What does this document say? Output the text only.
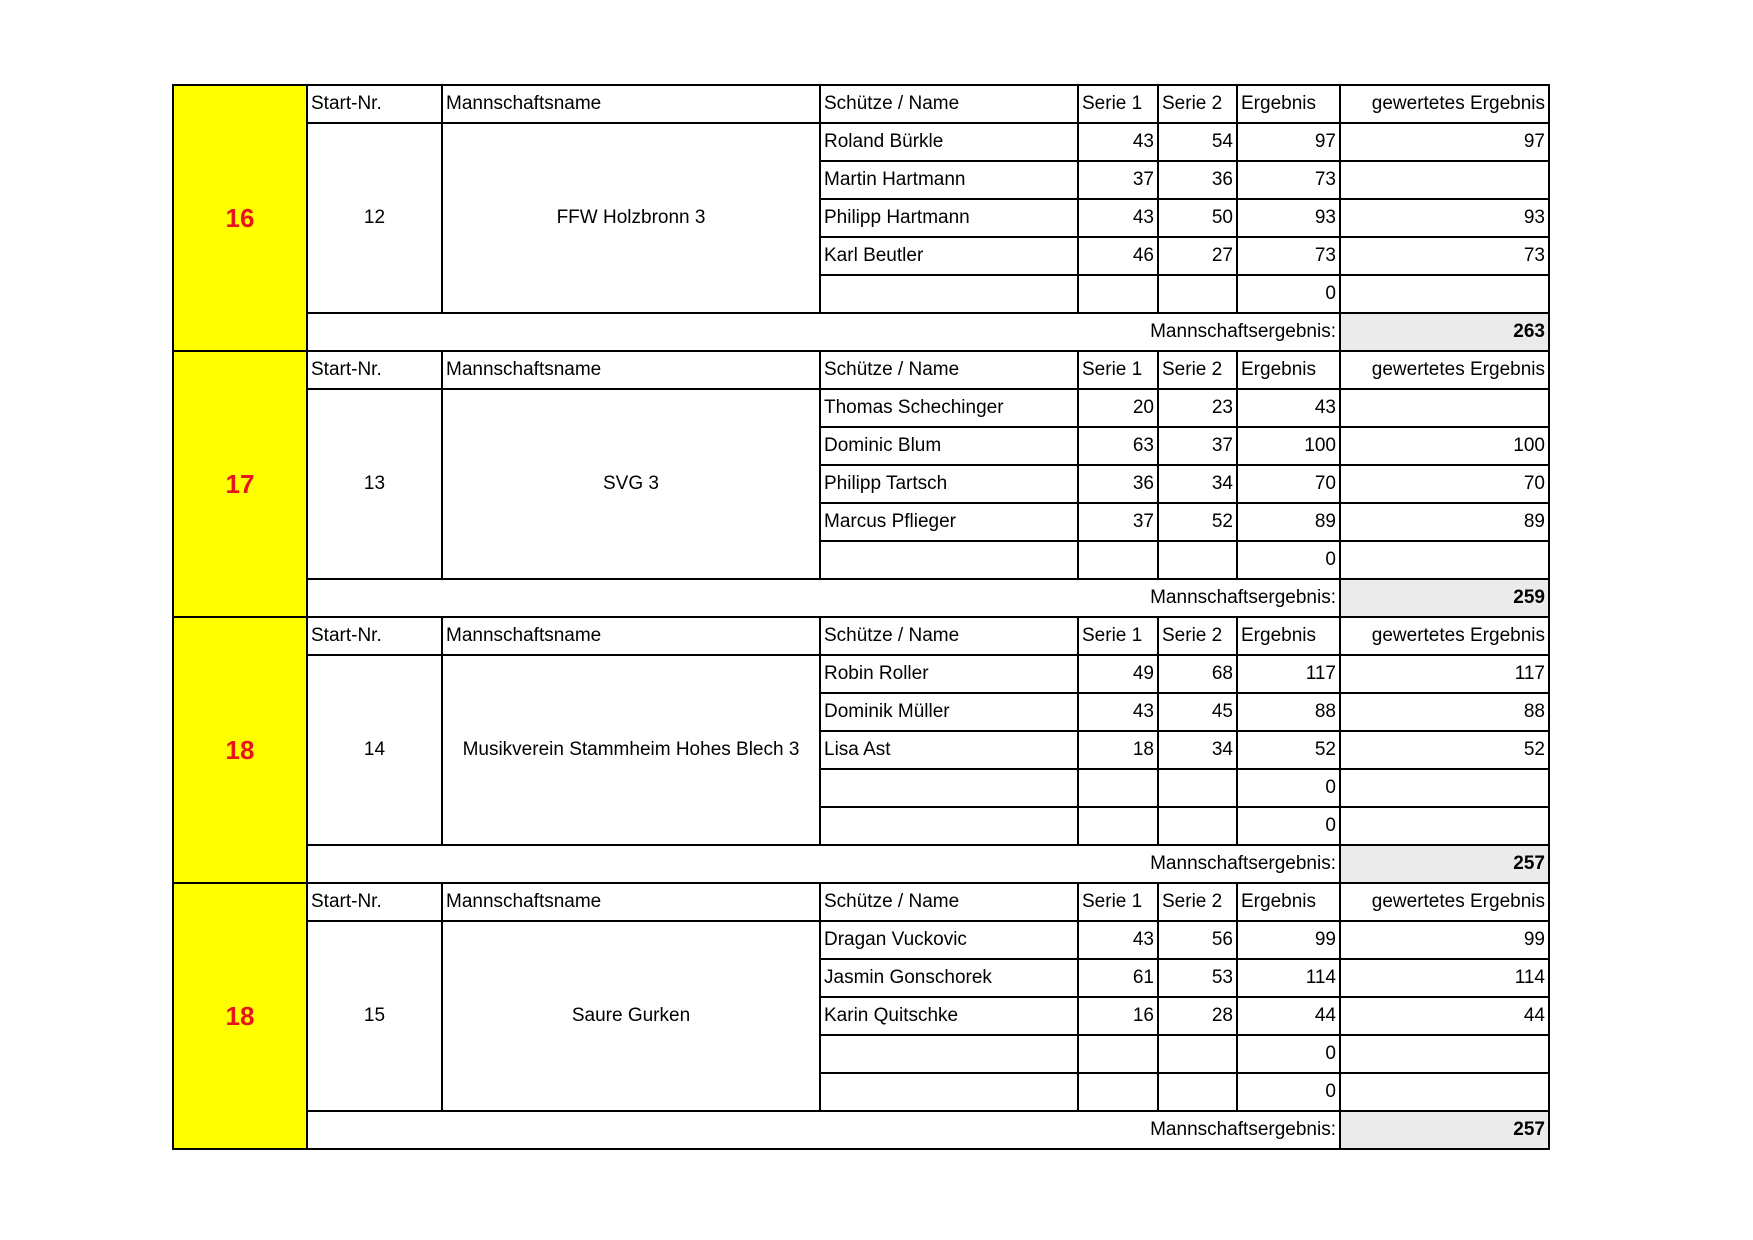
16	Start-Nr.	Mannschaftsname	Schütze / Name	Serie 1	Serie 2	Ergebnis	gewertetes Ergebnis
	12	FFW Holzbronn 3	Roland Bürkle	43	54	97	97
			Martin Hartmann	37	36	73	
			Philipp Hartmann	43	50	93	93
			Karl Beutler	46	27	73	73
						0	
	Mannschaftsergebnis:						263
17	Start-Nr.	Mannschaftsname	Schütze / Name	Serie 1	Serie 2	Ergebnis	gewertetes Ergebnis
	13	SVG 3	Thomas Schechinger	20	23	43	
			Dominic Blum	63	37	100	100
			Philipp Tartsch	36	34	70	70
			Marcus Pflieger	37	52	89	89
						0	
	Mannschaftsergebnis:						259
18	Start-Nr.	Mannschaftsname	Schütze / Name	Serie 1	Serie 2	Ergebnis	gewertetes Ergebnis
	14	Musikverein Stammheim Hohes Blech 3	Robin Roller	49	68	117	117
			Dominik Müller	43	45	88	88
			Lisa Ast	18	34	52	52
						0	
						0	
	Mannschaftsergebnis:						257
18	Start-Nr.	Mannschaftsname	Schütze / Name	Serie 1	Serie 2	Ergebnis	gewertetes Ergebnis
	15	Saure Gurken	Dragan Vuckovic	43	56	99	99
			Jasmin Gonschorek	61	53	114	114
			Karin Quitschke	16	28	44	44
						0	
						0	
	Mannschaftsergebnis:						257
